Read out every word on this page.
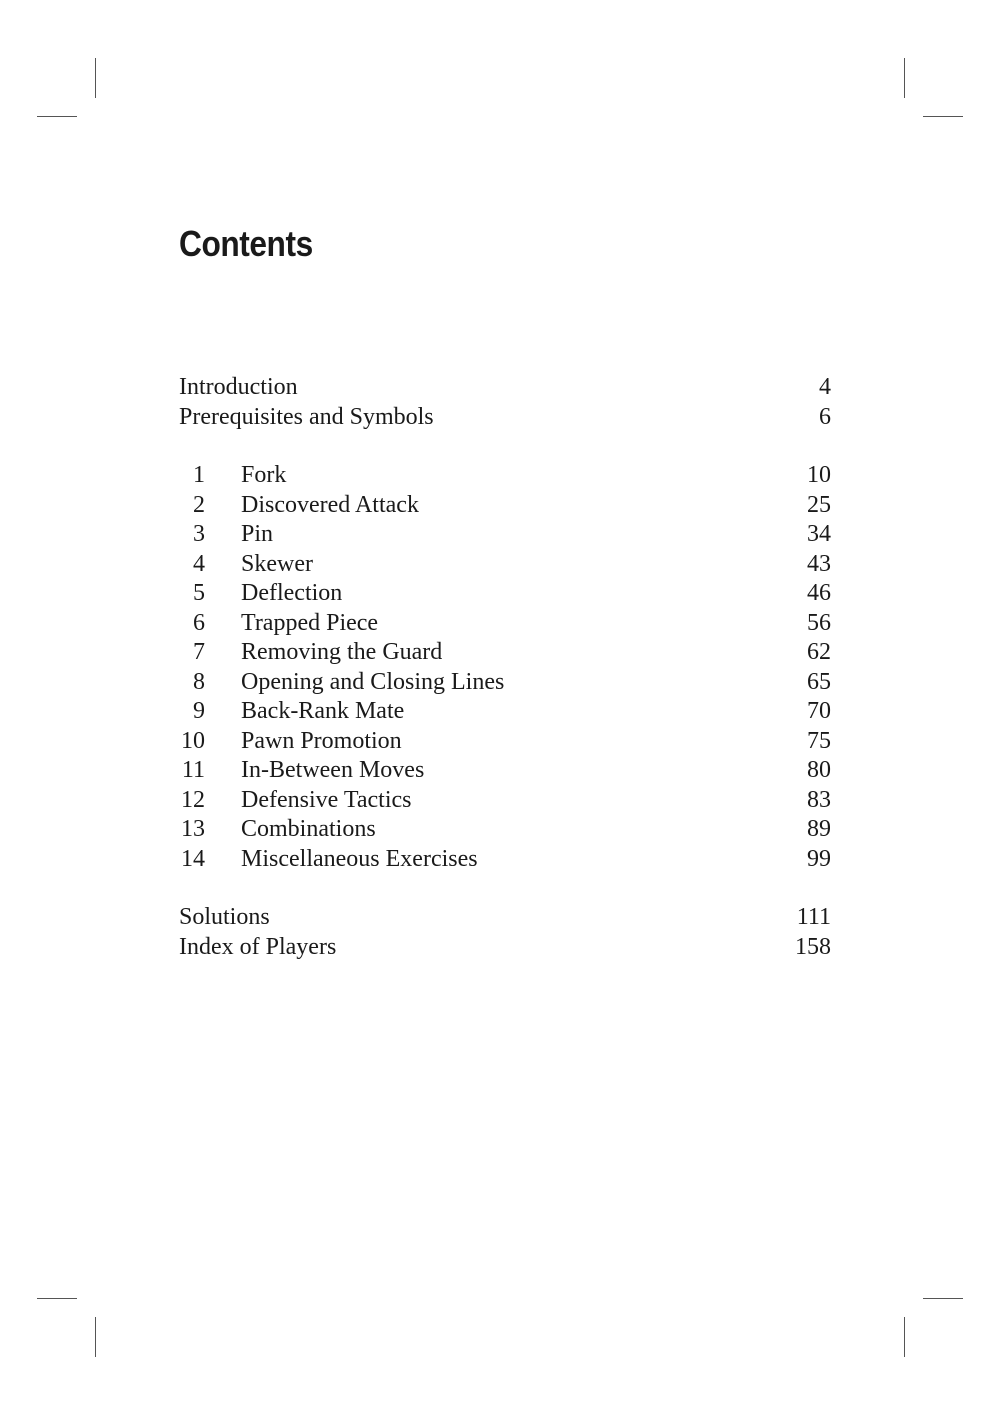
Contents
Introduction	4
Prerequisites and Symbols	6
1 Fork	10
2 Discovered Attack	25
3 Pin	34
4 Skewer	43
5 Deflection	46
6 Trapped Piece	56
7 Removing the Guard	62
8 Opening and Closing Lines	65
9 Back-Rank Mate	70
10 Pawn Promotion	75
11 In-Between Moves	80
12 Defensive Tactics	83
13 Combinations	89
14 Miscellaneous Exercises	99
Solutions	111
Index of Players	158
